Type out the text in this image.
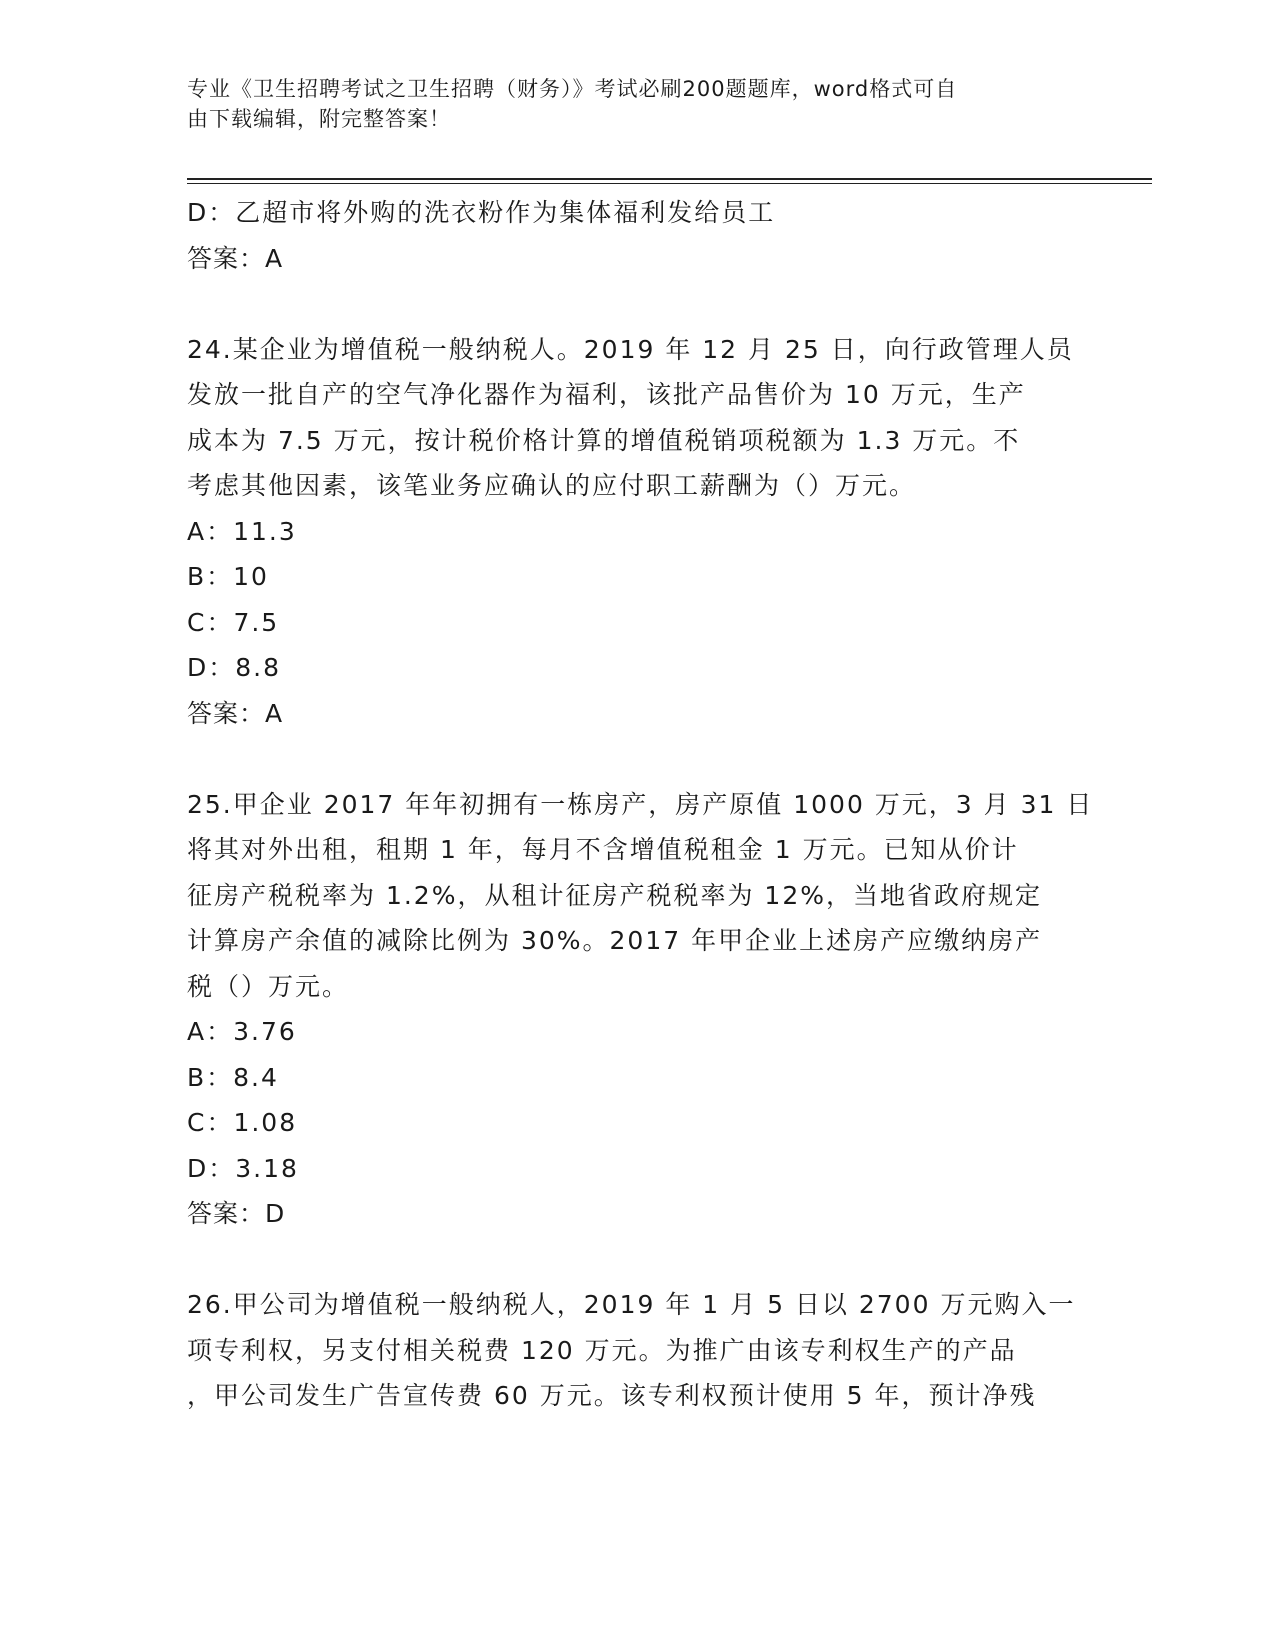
专业《卫生招聘考试之卫生招聘（财务）》考试必刷200题题库，word格式可自
由下载编辑，附完整答案！
D：乙超市将外购的洗衣粉作为集体福利发给员工
答案：A
24.某企业为增值税一般纳税人。2019 年 12 月 25 日，向行政管理人员
发放一批自产的空气净化器作为福利，该批产品售价为 10 万元，生产
成本为 7.5 万元，按计税价格计算的增值税销项税额为 1.3 万元。不
考虑其他因素，该笔业务应确认的应付职工薪酬为（）万元。
A：11.3
B：10
C：7.5
D：8.8
答案：A
25.甲企业 2017 年年初拥有一栋房产，房产原值 1000 万元，3 月 31 日
将其对外出租，租期 1 年，每月不含增值税租金 1 万元。已知从价计
征房产税税率为 1.2%，从租计征房产税税率为 12%，当地省政府规定
计算房产余值的减除比例为 30%。2017 年甲企业上述房产应缴纳房产
税（）万元。
A：3.76
B：8.4
C：1.08
D：3.18
答案：D
26.甲公司为增值税一般纳税人，2019 年 1 月 5 日以 2700 万元购入一
项专利权，另支付相关税费 120 万元。为推广由该专利权生产的产品
，甲公司发生广告宣传费 60 万元。该专利权预计使用 5 年，预计净残
